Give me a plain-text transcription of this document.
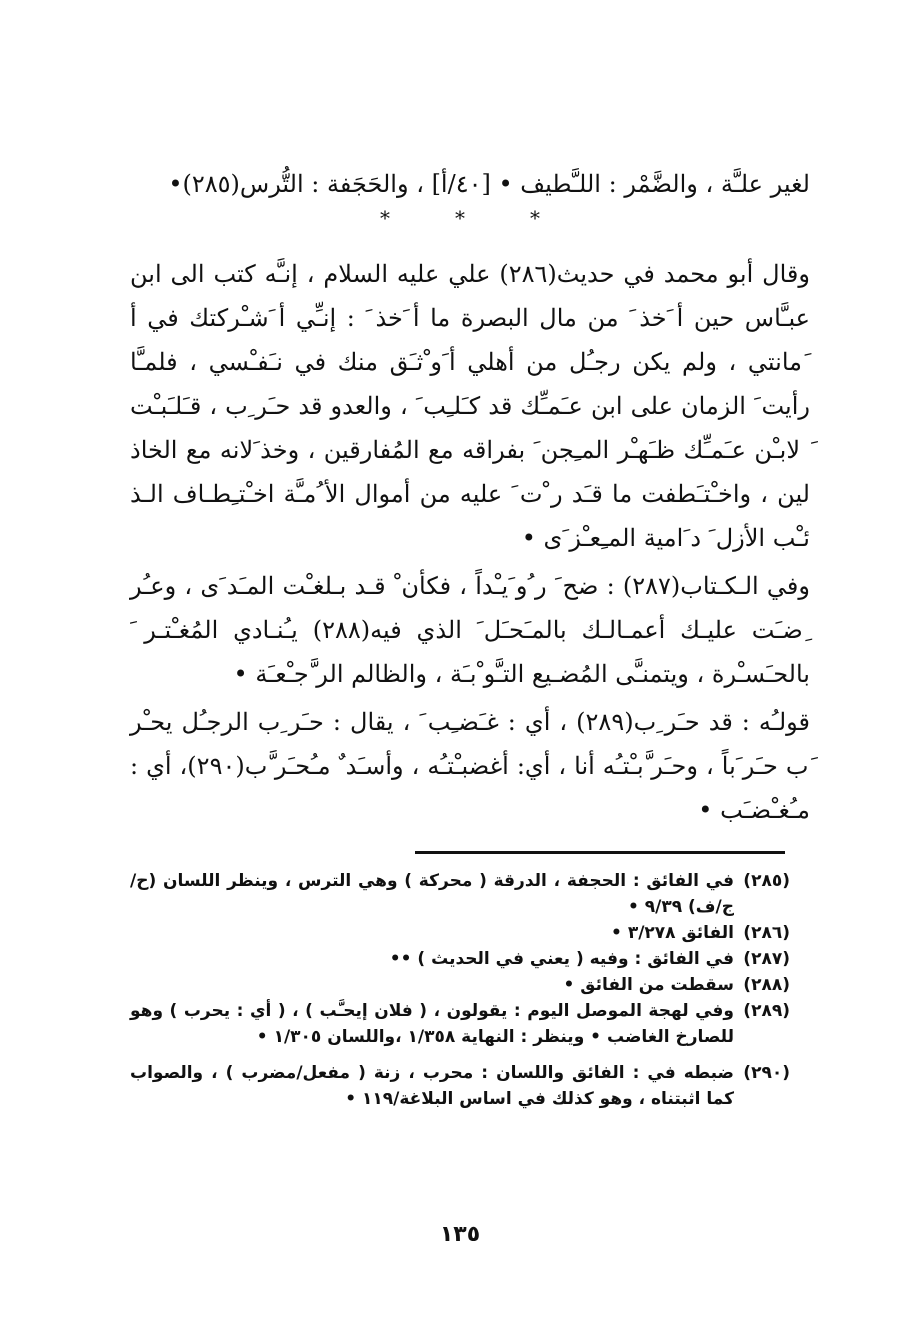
لغير علـَّة ، والضَّمْر : اللـَّطيف • [٤٠/أ] ، والحَجَفة : التُّرس(٢٨٥)•

*	*	*

وقال أبو محمد في حديث(٢٨٦) علي عليه السلام ، إنـَّه كتب الى ابن عبـَّاس حين أ َخذ َ من مال البصرة ما أ َخذ َ : إنـِّي أ َشـْركتك في أ َمانتي ، ولم يكن رجـُل من أهلي أ َو ْثـَق منك في نـَفـْسي ، فلمـَّا رأيت َ الزمان على ابن عـَمـِّك قد كـَلـِب َ ، والعدو قد حـَر ِب ، قـَلـَبـْت َ لابـْن عـَمـِّك ظـَهـْر المـِجن َ بفراقه مع المُفارقين ، وخذ َلانه مع الخاذ لين ، واخـْتـَطفت ما قـَد ر ْت َ عليه من أموال الأ ُمـَّة اخـْتـِطـاف الـذ ئـْب الأزل َ د َامية المـِعـْز َى •

وفي الـكـتاب(٢٨٧) : ضح َ ر ُو َيـْداً ، فكأن ْ قـد بـلغـْت المـَد َى ، وعـُر ِضـَت عليـك أعمـالـك بالمـَحـَل َ الذي فيه(٢٨٨) يـُنـادي المُغـْتـر َ بالحـَسـْرة ، ويتمنـَّى المُضـيع التـَّو ْبـَة ، والظالم الر َّجـْعـَة •

قولـُه : قد حـَر ِب(٢٨٩) ، أي : غـَضـِب َ ، يقال : حـَر ِب الرجـُل يحـْر َب حـَر َباً ، وحـَر َّبـْتـُه أنا ، أي: أغضبـْتـُه ، وأسـَد ٌ مـُحـَر َّب(٢٩٠)، أي : مـُغـْضـَب •

(٢٨٥)
في الفائق : الحجفة ، الدرقة ( محركة ) وهي الترس ، وينظر اللسان (ح/ج/ف) ٩/٣٩ •
(٢٨٦)
الفائق ٣/٢٧٨ •
(٢٨٧)
في الفائق : وفيه ( يعني في الحديث ) ••
(٢٨٨)
سقطت من الفائق •
(٢٨٩)
وفي لهجة الموصل اليوم : يقولون ، ( فلان إيحـَّب ) ، ( أي : يحرب ) وهو للصارخ الغاضب • وينظر : النهاية ١/٣٥٨ ،واللسان ١/٣٠٥ •
(٢٩٠)
ضبطه في : الفائق واللسان : محرب ، زنة ( مفعل/مضرب ) ، والصواب كما اثبتناه ، وهو كذلك في اساس البلاغة/١١٩ •
١٣٥
